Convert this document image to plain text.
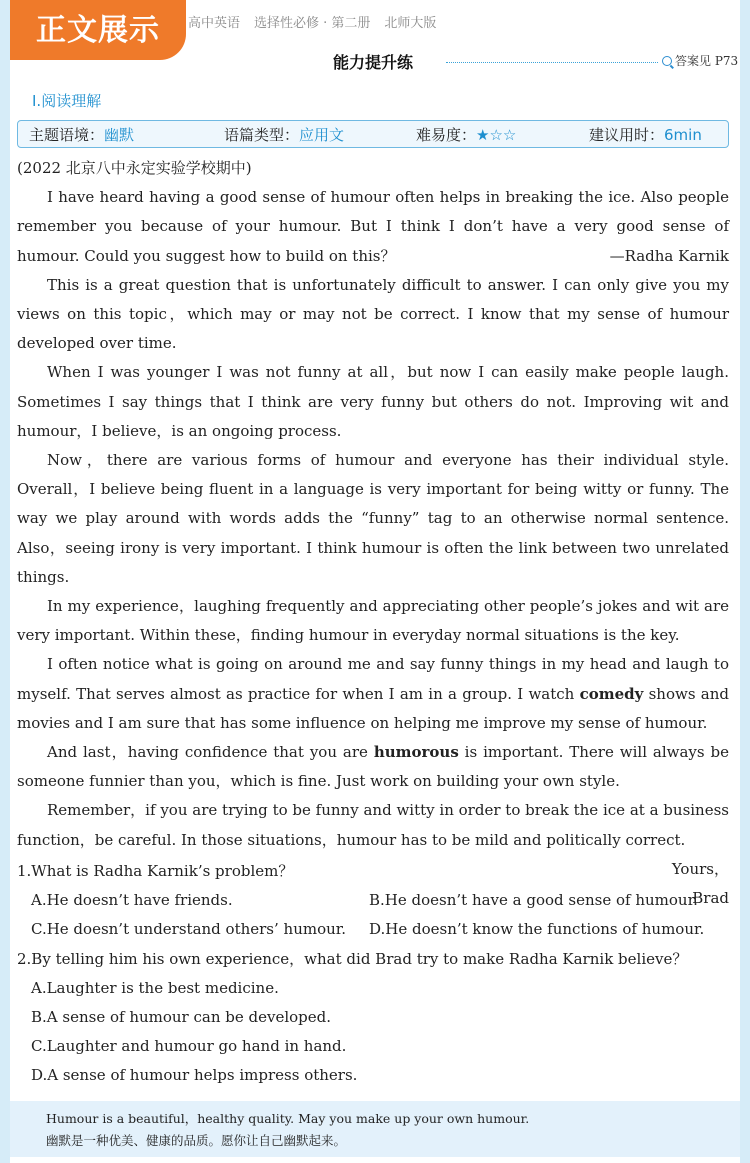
正文展示	高中英语 选择性必修 · 第二册 北师大版
能力提升练	答案见 P73
Ⅰ.阅读理解
主题语境：幽默	语篇类型：应用文	难易度：★☆☆	建议用时：6min

(2022 北京八中永定实验学校期中)

I have heard having a good sense of humour often helps in breaking the ice. Also people remember you because of your humour. But I think I don’t have a very good sense of humour. Could you suggest how to build on this？	—Radha Karnik

This is a great question that is unfortunately difficult to answer. I can only give you my views on this topic，which may or may not be correct. I know that my sense of humour developed over time.

When I was younger I was not funny at all，but now I can easily make people laugh. Sometimes I say things that I think are very funny but others do not. Improving wit and humour，I believe，is an ongoing process.

Now，there are various forms of humour and everyone has their individual style. Overall，I believe being fluent in a language is very important for being witty or funny. The way we play around with words adds the “funny” tag to an otherwise normal sentence. Also，seeing irony is very important. I think humour is often the link between two unrelated things.

In my experience，laughing frequently and appreciating other people’s jokes and wit are very important. Within these，finding humour in everyday normal situations is the key.

I often notice what is going on around me and say funny things in my head and laugh to myself. That serves almost as practice for when I am in a group. I watch comedy shows and movies and I am sure that has some influence on helping me improve my sense of humour.

And last，having confidence that you are humorous is important. There will always be someone funnier than you，which is fine. Just work on building your own style.

Remember，if you are trying to be funny and witty in order to break the ice at a business function，be careful. In those situations，humour has to be mild and politically correct.

Yours，

Brad

1.What is Radha Karnik’s problem？
A.He doesn’t have friends.	B.He doesn’t have a good sense of humour.
C.He doesn’t understand others’ humour. D.He doesn’t know the functions of humour.
2.By telling him his own experience，what did Brad try to make Radha Karnik believe？
A.Laughter is the best medicine.
B.A sense of humour can be developed.
C.Laughter and humour go hand in hand.
D.A sense of humour helps impress others.
Humour is a beautiful，healthy quality. May you make up your own humour.
幽默是一种优美、健康的品质。愿你让自己幽默起来。
